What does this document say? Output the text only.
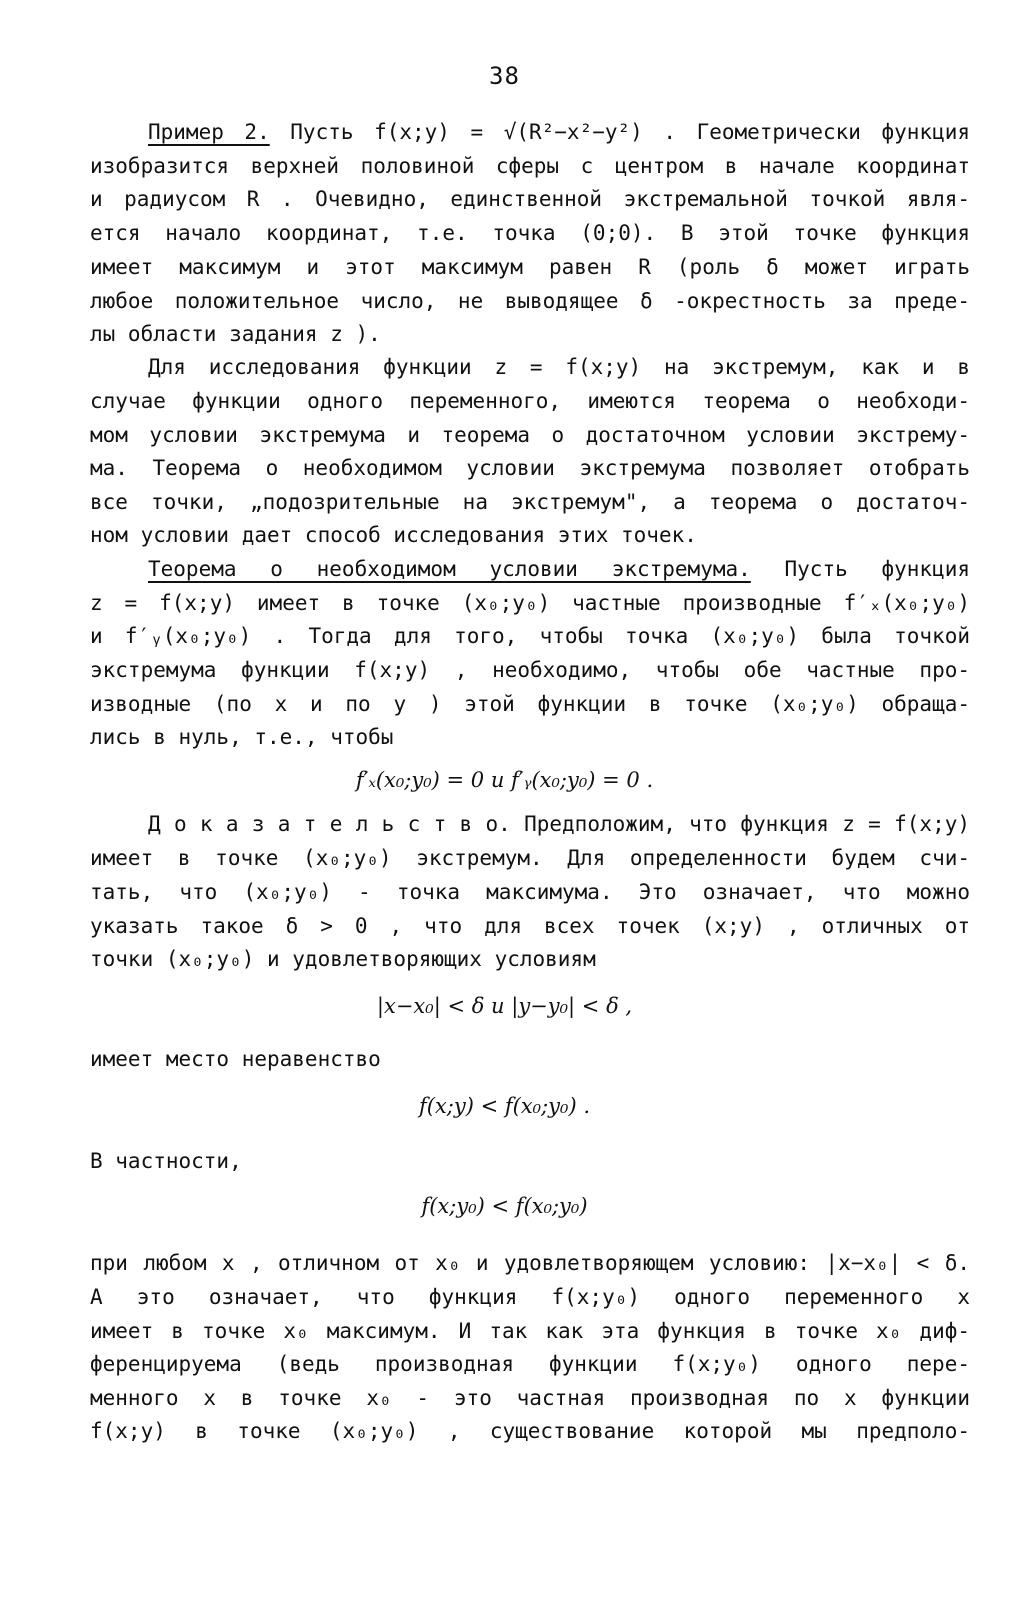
38
Пример 2. Пусть f(x;y) = √(R²−x²−y²) . Геометрически функция
изобразится верхней половиной сферы с центром в начале координат
и радиусом R . Очевидно, единственной экстремальной точкой явля-
ется начало координат, т.е. точка (0;0). В этой точке функция
имеет максимум и этот максимум равен R (роль δ может играть
любое положительное число, не выводящее δ -окрестность за преде-
лы области задания z ).
Для исследования функции z = f(x;y) на экстремум, как и в
случае функции одного переменного, имеются теорема о необходи-
мом условии экстремума и теорема о достаточном условии экстрему-
ма. Теорема о необходимом условии экстремума позволяет отобрать
все точки, „подозрительные на экстремум", а теорема о достаточ-
ном условии дает способ исследования этих точек.
Теорема о необходимом условии экстремума. Пусть функция
z = f(x;y) имеет в точке (x₀;y₀) частные производные f′ₓ(x₀;y₀)
и f′ᵧ(x₀;y₀) . Тогда для того, чтобы точка (x₀;y₀) была точкой
экстремума функции f(x;y) , необходимо, чтобы обе частные про-
изводные (по x и по y ) этой функции в точке (x₀;y₀) обраща-
лись в нуль, т.е., чтобы
f′ₓ(x₀;y₀) = 0 и f′ᵧ(x₀;y₀) = 0 .
Д о к а з а т е л ь с т в о. Предположим, что функция z = f(x;y)
имеет в точке (x₀;y₀) экстремум. Для определенности будем счи-
тать, что (x₀;y₀) - точка максимума. Это означает, что можно
указать такое δ > 0 , что для всех точек (x;y) , отличных от
точки (x₀;y₀) и удовлетворяющих условиям
|x−x₀| < δ и |y−y₀| < δ ,
имеет место неравенство
f(x;y) < f(x₀;y₀) .
В частности,
f(x;y₀) < f(x₀;y₀)
при любом x , отличном от x₀ и удовлетворяющем условию: |x−x₀| < δ.
А это означает, что функция f(x;y₀) одного переменного x
имеет в точке x₀ максимум. И так как эта функция в точке x₀ диф-
ференцируема (ведь производная функции f(x;y₀) одного пере-
менного x в точке x₀ - это частная производная по x функции
f(x;y) в точке (x₀;y₀) , существование которой мы предполо-
